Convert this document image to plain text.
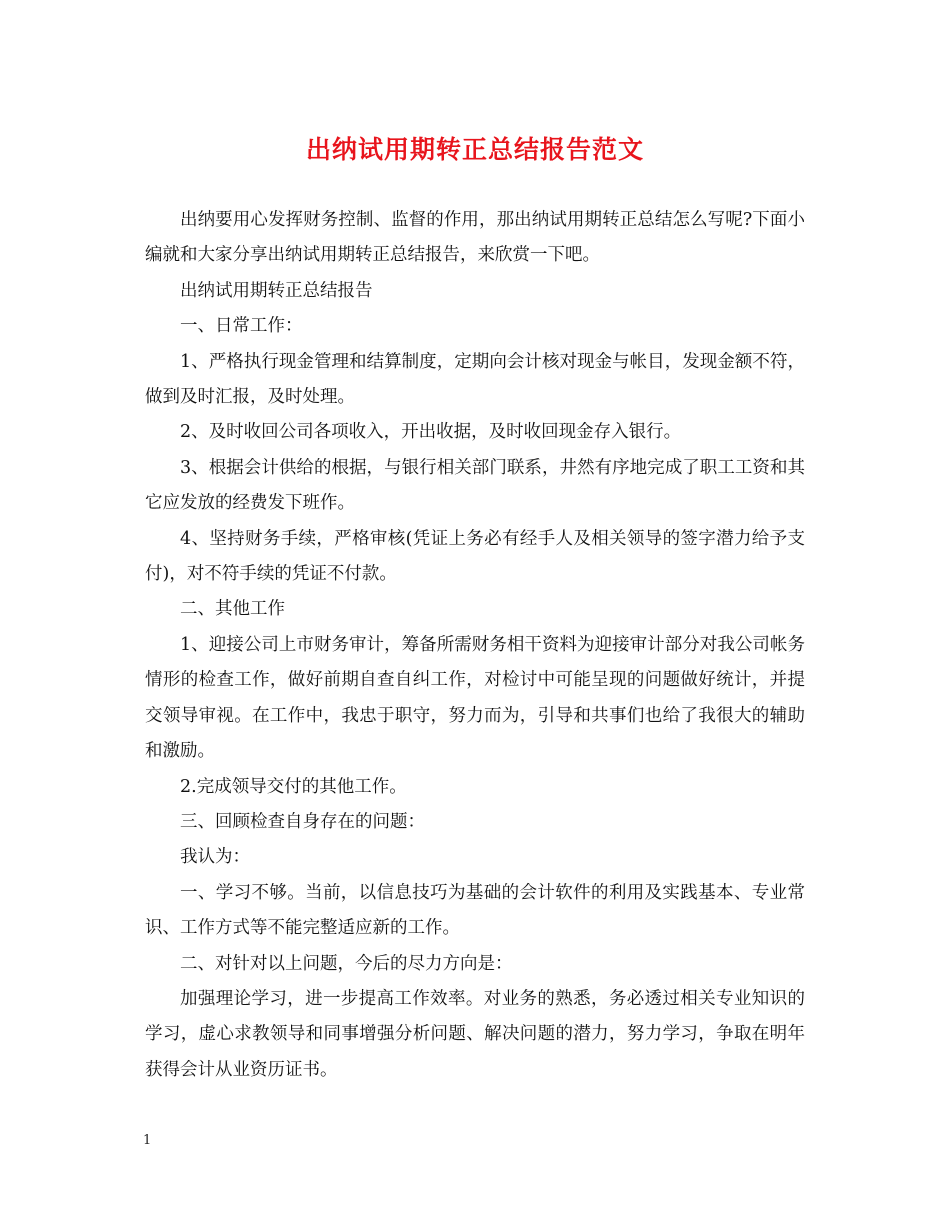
出纳试用期转正总结报告范文

出纳要用心发挥财务控制、监督的作用，那出纳试用期转正总结怎么写呢?下面小编就和大家分享出纳试用期转正总结报告，来欣赏一下吧。

出纳试用期转正总结报告

一、日常工作：

1、严格执行现金管理和结算制度，定期向会计核对现金与帐目，发现金额不符，做到及时汇报，及时处理。

2、及时收回公司各项收入，开出收据，及时收回现金存入银行。

3、根据会计供给的根据，与银行相关部门联系，井然有序地完成了职工工资和其它应发放的经费发下班作。

4、坚持财务手续，严格审核(凭证上务必有经手人及相关领导的签字潜力给予支付)，对不符手续的凭证不付款。

二、其他工作

1、迎接公司上市财务审计，筹备所需财务相干资料为迎接审计部分对我公司帐务情形的检查工作，做好前期自查自纠工作，对检讨中可能呈现的问题做好统计，并提交领导审视。在工作中，我忠于职守，努力而为，引导和共事们也给了我很大的辅助和激励。

2.完成领导交付的其他工作。

三、回顾检查自身存在的问题：

我认为：

一、学习不够。当前，以信息技巧为基础的会计软件的利用及实践基本、专业常识、工作方式等不能完整适应新的工作。

二、对针对以上问题，今后的尽力方向是：

加强理论学习，进一步提高工作效率。对业务的熟悉，务必透过相关专业知识的学习，虚心求教领导和同事增强分析问题、解决问题的潜力，努力学习，争取在明年获得会计从业资历证书。

1
